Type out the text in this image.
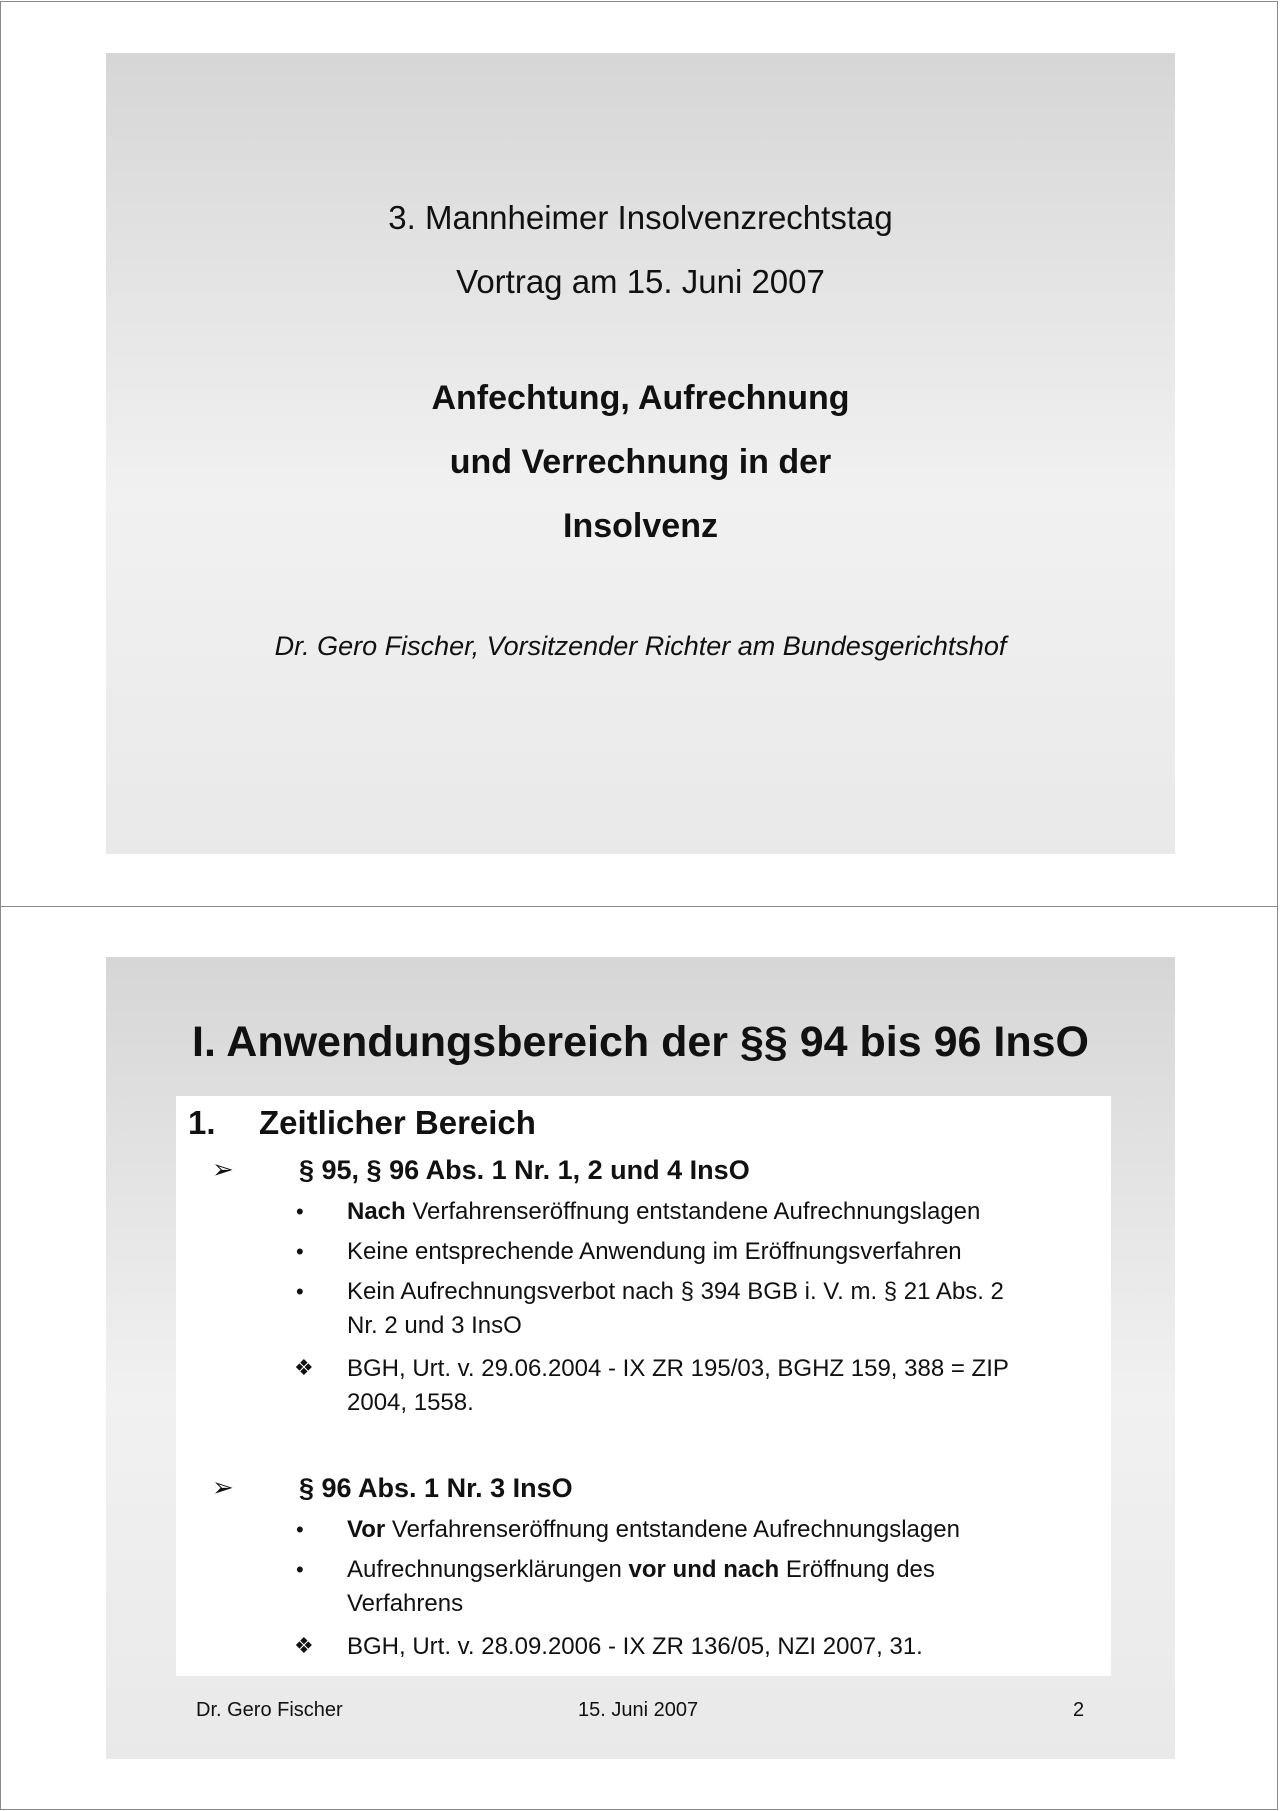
3. Mannheimer Insolvenzrechtstag
Vortrag am 15. Juni 2007
Anfechtung, Aufrechnung
und Verrechnung in der
Insolvenz
Dr. Gero Fischer, Vorsitzender Richter am Bundesgerichtshof
I. Anwendungsbereich der §§ 94 bis 96 InsO
1. Zeitlicher Bereich
➢ § 95, § 96 Abs. 1 Nr. 1, 2 und 4 InsO
• Nach Verfahrenseröffnung entstandene Aufrechnungslagen
• Keine entsprechende Anwendung im Eröffnungsverfahren
• Kein Aufrechnungsverbot nach § 394 BGB i. V. m. § 21 Abs. 2
Nr. 2 und 3 InsO
❖ BGH, Urt. v. 29.06.2004 - IX ZR 195/03, BGHZ 159, 388 = ZIP
2004, 1558.
➢ § 96 Abs. 1 Nr. 3 InsO
• Vor Verfahrenseröffnung entstandene Aufrechnungslagen
• Aufrechnungserklärungen vor und nach Eröffnung des
Verfahrens
❖ BGH, Urt. v. 28.09.2006 - IX ZR 136/05, NZI 2007, 31.
Dr. Gero Fischer	15. Juni 2007	2
